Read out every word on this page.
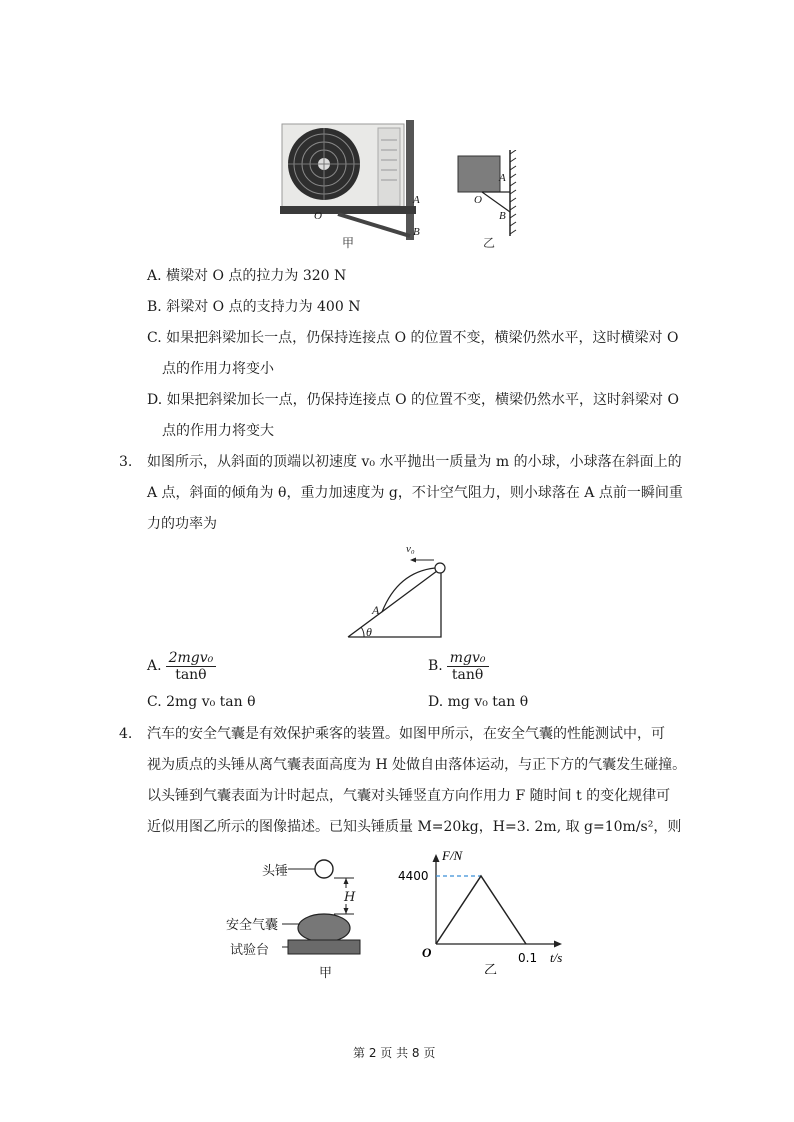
O
A
B
甲
A
O
B
乙
A. 横梁对 O 点的拉力为 320 N
B. 斜梁对 O 点的支持力为 400 N
C. 如果把斜梁加长一点，仍保持连接点 O 的位置不变，横梁仍然水平，这时横梁对 O
点的作用力将变小
D. 如果把斜梁加长一点，仍保持连接点 O 的位置不变，横梁仍然水平，这时斜梁对 O
点的作用力将变大
3. 如图所示，从斜面的顶端以初速度 v₀ 水平抛出一质量为 m 的小球，小球落在斜面上的
A 点，斜面的倾角为 θ，重力加速度为 g，不计空气阻力，则小球落在 A 点前一瞬间重
力的功率为
v₀
A
θ
A. $\frac{\text{2mgv₀}}{\tan\theta}$	B. $\frac{\text{mgv₀}}{\tan\theta}$
C. 2mg v₀ tan θ	D. mg v₀ tan θ
4. 汽车的安全气囊是有效保护乘客的装置。如图甲所示，在安全气囊的性能测试中，可
视为质点的头锤从离气囊表面高度为 H 处做自由落体运动，与正下方的气囊发生碰撞。
以头锤到气囊表面为计时起点，气囊对头锤竖直方向作用力 F 随时间 t 的变化规律可
近似用图乙所示的图像描述。已知头锤质量 M=20kg，H=3. 2m, 取 g=10m/s²，则
头锤
H
安全气囊
试验台
甲
F/N
4400
O	0.1 t/s
乙
第 2 页 共 8 页
